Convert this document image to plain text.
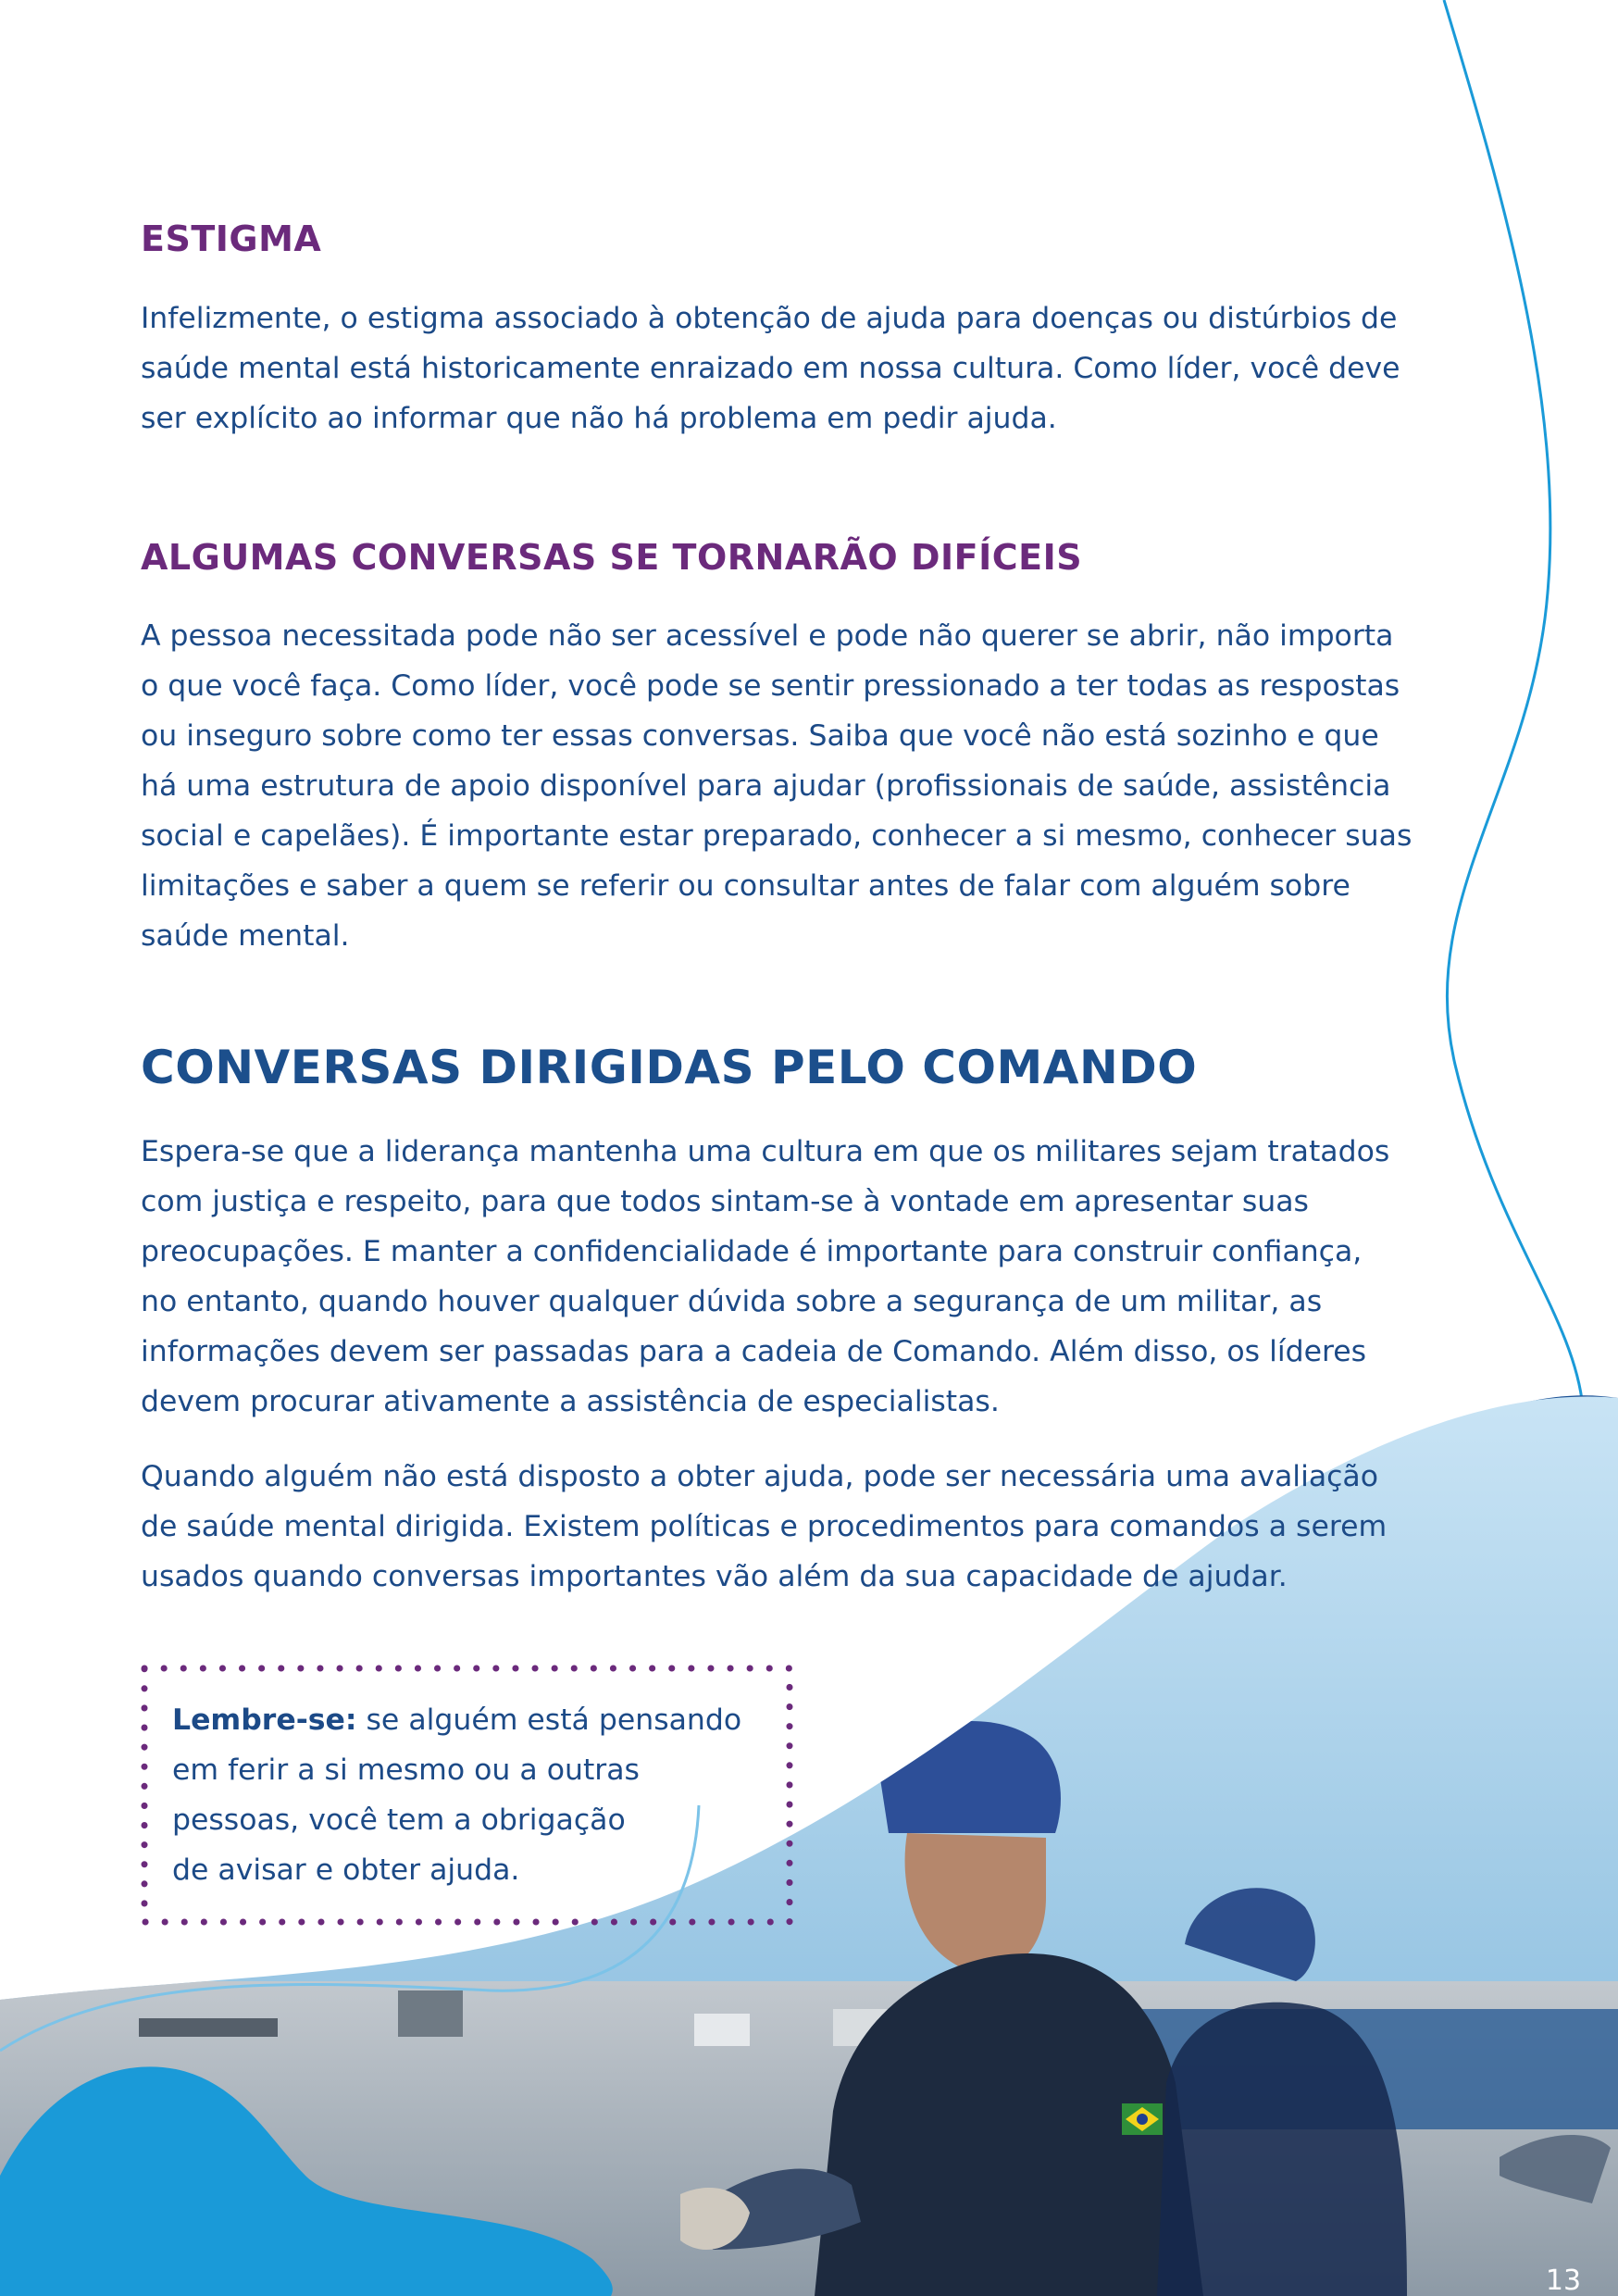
ESTIGMA
Infelizmente, o estigma associado à obtenção de ajuda para doenças ou distúrbios de
saúde mental está historicamente enraizado em nossa cultura. Como líder, você deve
ser explícito ao informar que não há problema em pedir ajuda.
ALGUMAS CONVERSAS SE TORNARÃO DIFÍCEIS
A pessoa necessitada pode não ser acessível e pode não querer se abrir, não importa
o que você faça. Como líder, você pode se sentir pressionado a ter todas as respostas
ou inseguro sobre como ter essas conversas. Saiba que você não está sozinho e que
há uma estrutura de apoio disponível para ajudar (profissionais de saúde, assistência
social e capelães). É importante estar preparado, conhecer a si mesmo, conhecer suas
limitações e saber a quem se referir ou consultar antes de falar com alguém sobre
saúde mental.
CONVERSAS DIRIGIDAS PELO COMANDO
Espera-se que a liderança mantenha uma cultura em que os militares sejam tratados
com justiça e respeito, para que todos sintam-se à vontade em apresentar suas
preocupações. E manter a confidencialidade é importante para construir confiança,
no entanto, quando houver qualquer dúvida sobre a segurança de um militar, as
informações devem ser passadas para a cadeia de Comando. Além disso, os líderes
devem procurar ativamente a assistência de especialistas.
Quando alguém não está disposto a obter ajuda, pode ser necessária uma avaliação
de saúde mental dirigida. Existem políticas e procedimentos para comandos a serem
usados quando conversas importantes vão além da sua capacidade de ajudar.
Lembre-se: se alguém está pensando
em ferir a si mesmo ou a outras
pessoas, você tem a obrigação
de avisar e obter ajuda.
13
